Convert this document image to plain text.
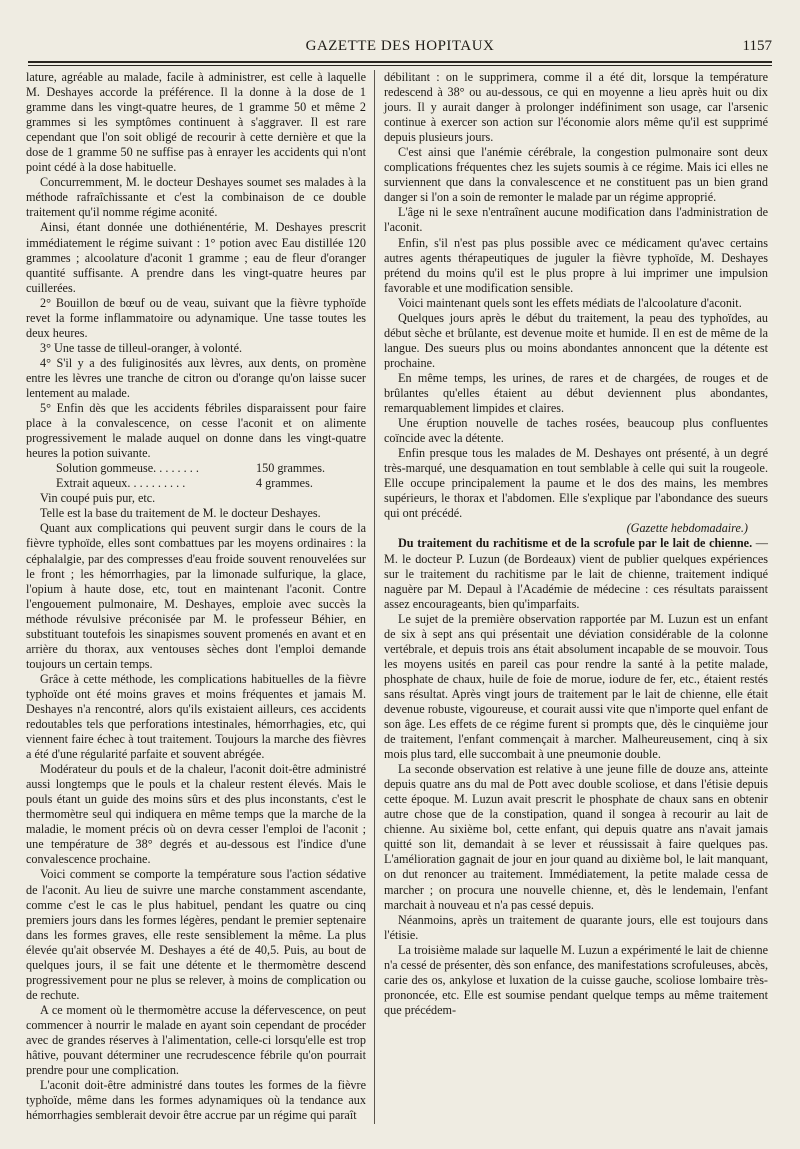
GAZETTE DES HOPITAUX	1157

lature, agréable au malade, facile à administrer, est celle à laquelle M. Deshayes accorde la préférence. Il la donne à la dose de 1 gramme dans les vingt-quatre heures, de 1 gramme 50 et même 2 grammes si les symptômes continuent à s'aggraver. Il est rare cependant que l'on soit obligé de recourir à cette dernière et que la dose de 1 gramme 50 ne suffise pas à enrayer les accidents qui n'ont point cédé à la dose habituelle.

Concurremment, M. le docteur Deshayes soumet ses malades à la méthode rafraîchissante et c'est la combinaison de ce double traitement qu'il nomme régime aconité.

Ainsi, étant donnée une dothiénentérie, M. Deshayes prescrit immédiatement le régime suivant : 1° potion avec Eau distillée 120 grammes ; alcoolature d'aconit 1 gramme ; eau de fleur d'oranger quantité suffisante. A prendre dans les vingt-quatre heures par cuillerées.

2° Bouillon de bœuf ou de veau, suivant que la fièvre typhoïde revet la forme inflammatoire ou adynamique. Une tasse toutes les deux heures.

3° Une tasse de tilleul-oranger, à volonté.

4° S'il y a des fuliginosités aux lèvres, aux dents, on promène entre les lèvres une tranche de citron ou d'orange qu'on laisse sucer lentement au malade.

5° Enfin dès que les accidents fébriles disparaissent pour faire place à la convalescence, on cesse l'aconit et on alimente progressivement le malade auquel on donne dans les vingt-quatre heures la potion suivante.

Solution gommeuse. . . . . . . .	150 grammes.
Extrait aqueux. . . . . . . . . .	4 grammes.

Vin coupé puis pur, etc.

Telle est la base du traitement de M. le docteur Deshayes.

Quant aux complications qui peuvent surgir dans le cours de la fièvre typhoïde, elles sont combattues par les moyens ordinaires : la céphalalgie, par des compresses d'eau froide souvent renouvelées sur le front ; les hémorrhagies, par la limonade sulfurique, la glace, l'opium à haute dose, etc, tout en maintenant l'aconit. Contre l'engouement pulmonaire, M. Deshayes, emploie avec succès la méthode révulsive préconisée par M. le professeur Béhier, en substituant toutefois les sinapismes souvent promenés en avant et en arrière du thorax, aux ventouses sèches dont l'emploi demande toujours un certain temps.

Grâce à cette méthode, les complications habituelles de la fièvre typhoïde ont été moins graves et moins fréquentes et jamais M. Deshayes n'a rencontré, alors qu'ils existaient ailleurs, ces accidents redoutables tels que perforations intestinales, hémorrhagies, etc, qui viennent faire échec à tout traitement. Toujours la marche des fièvres a été d'une régularité parfaite et souvent abrégée.

Modérateur du pouls et de la chaleur, l'aconit doit-être administré aussi longtemps que le pouls et la chaleur restent élevés. Mais le pouls étant un guide des moins sûrs et des plus inconstants, c'est le thermomètre seul qui indiquera en même temps que la marche de la maladie, le moment précis où on devra cesser l'emploi de l'aconit ; une température de 38° degrés et au-dessous est l'indice d'une convalescence prochaine.

Voici comment se comporte la température sous l'action sédative de l'aconit. Au lieu de suivre une marche constamment ascendante, comme c'est le cas le plus habituel, pendant les quatre ou cinq premiers jours dans les formes légères, pendant le premier septenaire dans les formes graves, elle reste sensiblement la même. La plus élevée qu'ait observée M. Deshayes a été de 40,5. Puis, au bout de quelques jours, il se fait une détente et le thermomètre descend progressivement pour ne plus se relever, à moins de complication ou de rechute.

A ce moment où le thermomètre accuse la défervescence, on peut commencer à nourrir le malade en ayant soin cependant de procéder avec de grandes réserves à l'alimentation, celle-ci lorsqu'elle est trop hâtive, pouvant déterminer une recrudescence fébrile qu'on pourrait prendre pour une complication.

L'aconit doit-être administré dans toutes les formes de la fièvre typhoïde, même dans les formes adynamiques où la tendance aux hémorrhagies semblerait devoir être accrue par un régime qui paraît

débilitant : on le supprimera, comme il a été dit, lorsque la température redescend à 38° ou au-dessous, ce qui en moyenne a lieu après huit ou dix jours. Il y aurait danger à prolonger indéfiniment son usage, car l'arsenic continue à exercer son action sur l'économie alors même qu'il est supprimé depuis plusieurs jours.

C'est ainsi que l'anémie cérébrale, la congestion pulmonaire sont deux complications fréquentes chez les sujets soumis à ce régime. Mais ici elles ne surviennent que dans la convalescence et ne constituent pas un bien grand danger si l'on a soin de remonter le malade par un régime approprié.

L'âge ni le sexe n'entraînent aucune modification dans l'administration de l'aconit.

Enfin, s'il n'est pas plus possible avec ce médicament qu'avec certains autres agents thérapeutiques de juguler la fièvre typhoïde, M. Deshayes prétend du moins qu'il est le plus propre à lui imprimer une impulsion favorable et une modification sensible.

Voici maintenant quels sont les effets médiats de l'alcoolature d'aconit.

Quelques jours après le début du traitement, la peau des typhoïdes, au début sèche et brûlante, est devenue moite et humide. Il en est de même de la langue. Des sueurs plus ou moins abondantes annoncent que la détente est prochaine.

En même temps, les urines, de rares et de chargées, de rouges et de brûlantes qu'elles étaient au début deviennent plus abondantes, remarquablement limpides et claires.

Une éruption nouvelle de taches rosées, beaucoup plus confluentes coïncide avec la détente.

Enfin presque tous les malades de M. Deshayes ont présenté, à un degré très-marqué, une desquamation en tout semblable à celle qui suit la rougeole. Elle occupe principalement la paume et le dos des mains, les membres supérieurs, le thorax et l'abdomen. Elle s'explique par l'abondance des sueurs qui ont précédé.

(Gazette hebdomadaire.)

Du traitement du rachitisme et de la scrofule par le lait de chienne. — M. le docteur P. Luzun (de Bordeaux) vient de publier quelques expériences sur le traitement du rachitisme par le lait de chienne, traitement indiqué naguère par M. Depaul à l'Académie de médecine : ces résultats paraissent assez encourageants, bien qu'imparfaits.

Le sujet de la première observation rapportée par M. Luzun est un enfant de six à sept ans qui présentait une déviation considérable de la colonne vertébrale, et depuis trois ans était absolument incapable de se mouvoir. Tous les moyens usités en pareil cas pour rendre la santé à la petite malade, phosphate de chaux, huile de foie de morue, iodure de fer, etc., étaient restés sans résultat. Après vingt jours de traitement par le lait de chienne, elle était devenue robuste, vigoureuse, et courait aussi vite que n'importe quel enfant de son âge. Les effets de ce régime furent si prompts que, dès le cinquième jour de traitement, l'enfant commençait à marcher. Malheureusement, cinq à six mois plus tard, elle succombait à une pneumonie double.

La seconde observation est relative à une jeune fille de douze ans, atteinte depuis quatre ans du mal de Pott avec double scoliose, et dans l'étisie depuis cette époque. M. Luzun avait prescrit le phosphate de chaux sans en obtenir autre chose que de la constipation, quand il songea à recourir au lait de chienne. Au sixième bol, cette enfant, qui depuis quatre ans n'avait jamais quitté son lit, demandait à se lever et réussissait à faire quelques pas. L'amélioration gagnait de jour en jour quand au dixième bol, le lait manquant, on dut renoncer au traitement. Immédiatement, la petite malade cessa de marcher ; on procura une nouvelle chienne, et, dès le lendemain, l'enfant marchait à nouveau et n'a pas cessé depuis.

Néanmoins, après un traitement de quarante jours, elle est toujours dans l'étisie.

La troisième malade sur laquelle M. Luzun a expérimenté le lait de chienne n'a cessé de présenter, dès son enfance, des manifestations scrofuleuses, abcès, carie des os, ankylose et luxation de la cuisse gauche, scoliose lombaire très-prononcée, etc. Elle est soumise pendant quelque temps au même traitement que précédem-
